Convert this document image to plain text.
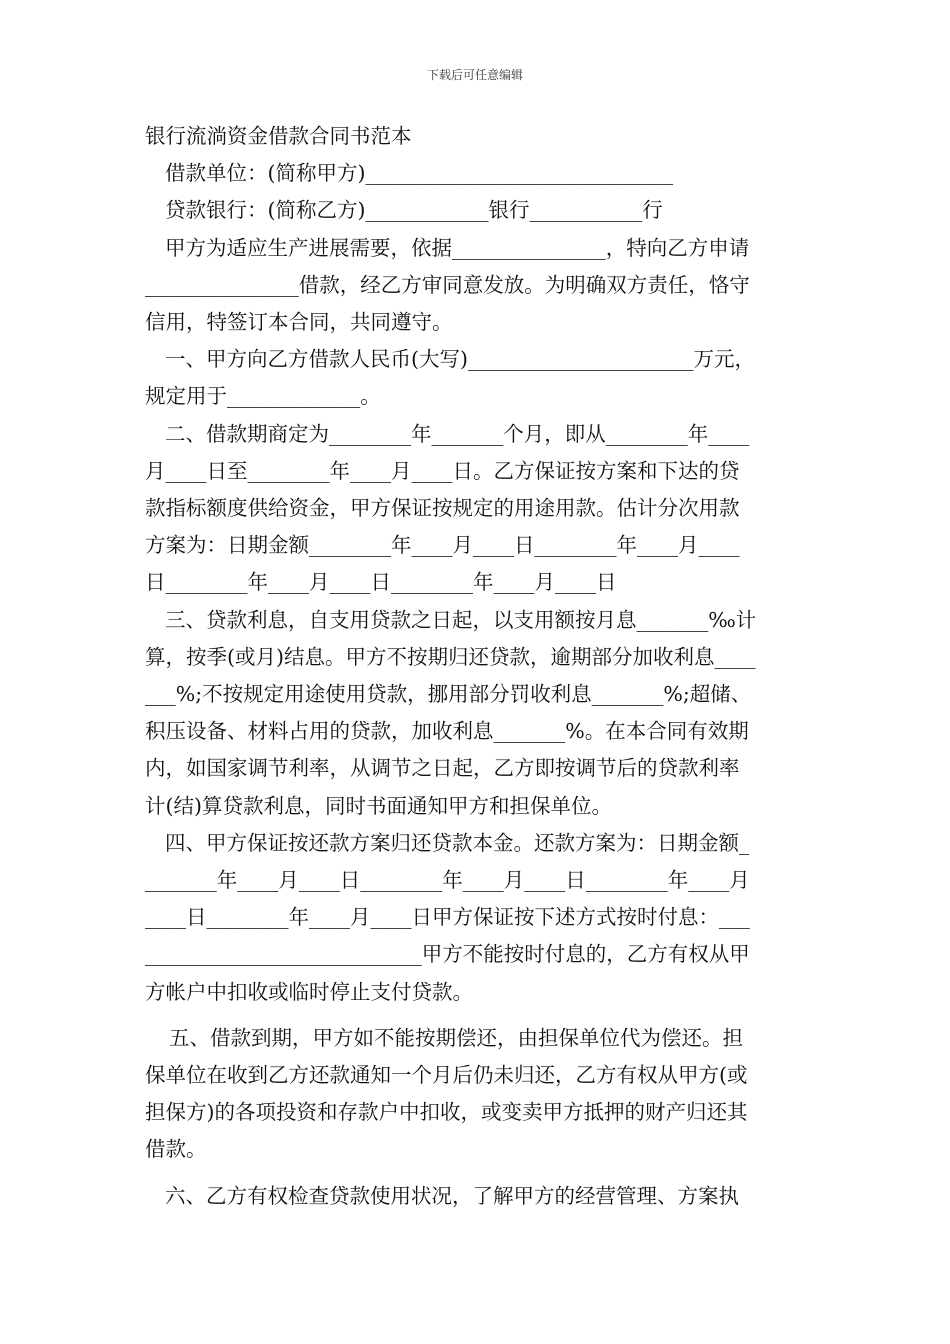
下载后可任意编辑
银行流淌资金借款合同书范本
借款单位：(简称甲方)______________________________
贷款银行：(简称乙方)____________银行___________行
甲方为适应生产进展需要，依据_______________，特向乙方申请
_______________借款，经乙方审同意发放。为明确双方责任，恪守
信用，特签订本合同，共同遵守。
一、甲方向乙方借款人民币(大写)______________________万元，
规定用于_____________。
二、借款期商定为________年_______个月，即从________年____
月____日至________年____月____日。乙方保证按方案和下达的贷
款指标额度供给资金，甲方保证按规定的用途用款。估计分次用款
方案为：日期金额________年____月____日________年____月____
日________年____月____日________年____月____日
三、贷款利息，自支用贷款之日起，以支用额按月息_______‰计
算，按季(或月)结息。甲方不按期归还贷款，逾期部分加收利息____
___%;不按规定用途使用贷款，挪用部分罚收利息_______%;超储、
积压设备、材料占用的贷款，加收利息_______%。在本合同有效期
内，如国家调节利率，从调节之日起，乙方即按调节后的贷款利率
计(结)算贷款利息，同时书面通知甲方和担保单位。
四、甲方保证按还款方案归还贷款本金。还款方案为：日期金额_
_______年____月____日________年____月____日________年____月
____日________年____月____日甲方保证按下述方式按时付息：___
___________________________甲方不能按时付息的，乙方有权从甲
方帐户中扣收或临时停止支付贷款。
五、借款到期，甲方如不能按期偿还，由担保单位代为偿还。担
保单位在收到乙方还款通知一个月后仍未归还，乙方有权从甲方(或
担保方)的各项投资和存款户中扣收，或变卖甲方抵押的财产归还其
借款。
六、乙方有权检查贷款使用状况，了解甲方的经营管理、方案执
